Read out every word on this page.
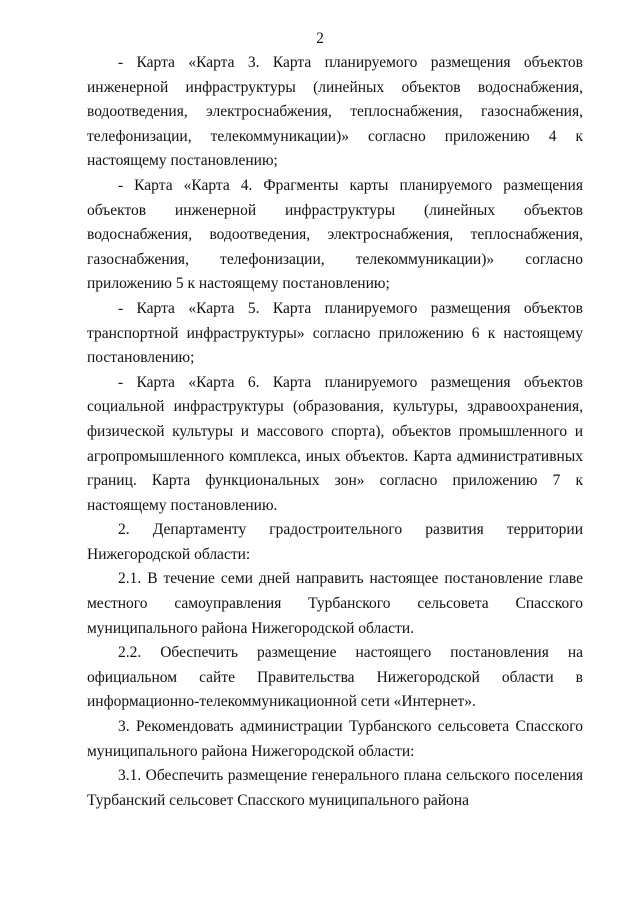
2

- Карта «Карта 3. Карта планируемого размещения объектов инженерной инфраструктуры (линейных объектов водоснабжения, водоотведения, электроснабжения, теплоснабжения, газоснабжения, телефонизации, телекоммуникации)» согласно приложению 4 к настоящему постановлению;

- Карта «Карта 4. Фрагменты карты планируемого размещения объектов инженерной инфраструктуры (линейных объектов водоснабжения, водоотведения, электроснабжения, теплоснабжения, газоснабжения, телефонизации, телекоммуникации)» согласно приложению 5 к настоящему постановлению;

- Карта «Карта 5. Карта планируемого размещения объектов транспортной инфраструктуры» согласно приложению 6 к настоящему постановлению;

- Карта «Карта 6. Карта планируемого размещения объектов социальной инфраструктуры (образования, культуры, здравоохранения, физической культуры и массового спорта), объектов промышленного и агропромышленного комплекса, иных объектов. Карта административных границ. Карта функциональных зон» согласно приложению 7 к настоящему постановлению.

2. Департаменту градостроительного развития территории Нижегородской области:

2.1. В течение семи дней направить настоящее постановление главе местного самоуправления Турбанского сельсовета Спасского муниципального района Нижегородской области.

2.2. Обеспечить размещение настоящего постановления на официальном сайте Правительства Нижегородской области в информационно-телекоммуникационной сети «Интернет».

3. Рекомендовать администрации Турбанского сельсовета Спасского муниципального района Нижегородской области:

3.1. Обеспечить размещение генерального плана сельского поселения Турбанский сельсовет Спасского муниципального района
